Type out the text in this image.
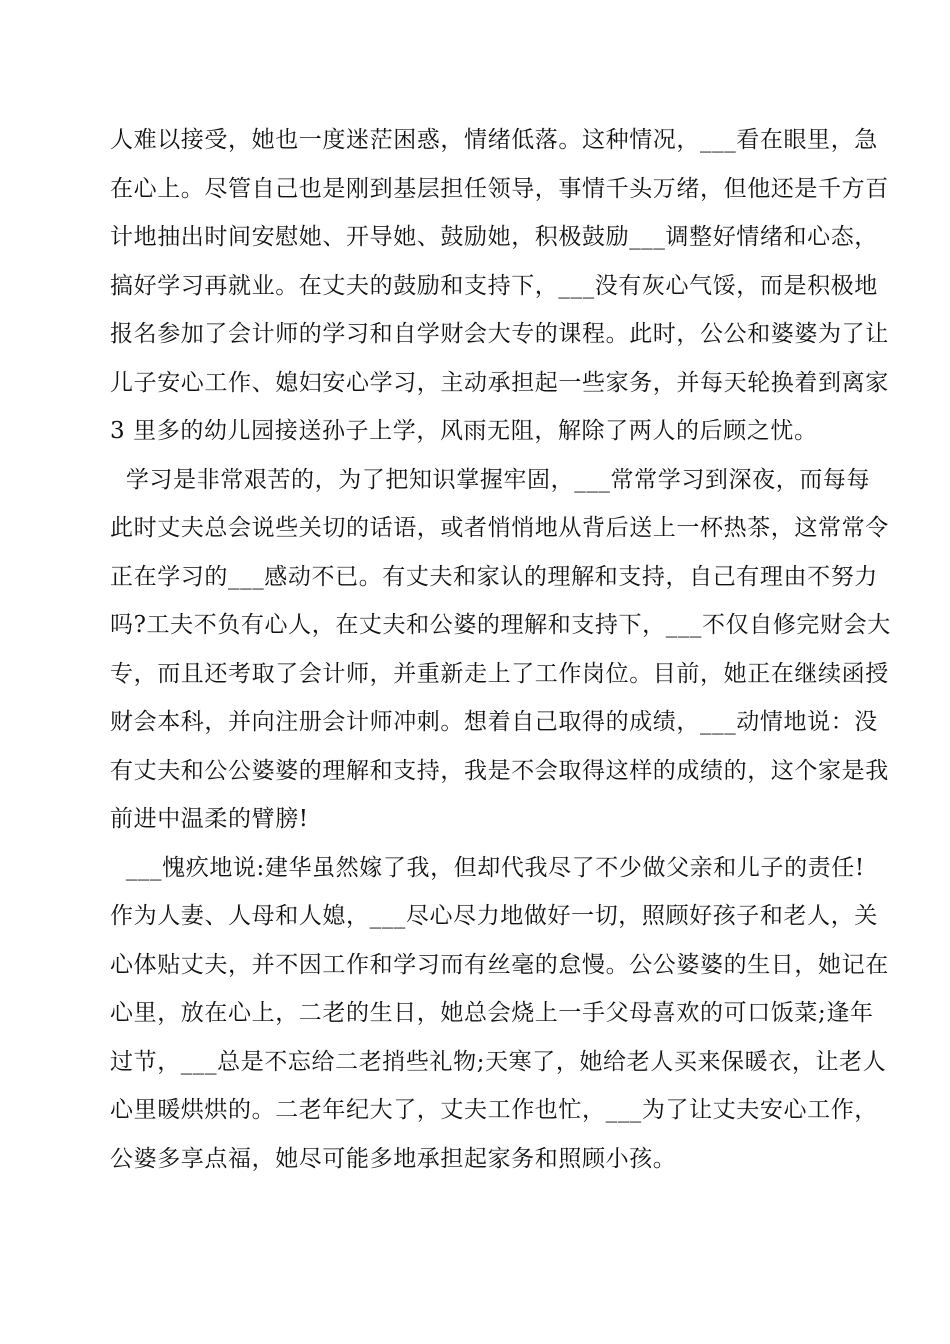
人难以接受，她也一度迷茫困惑，情绪低落。这种情况，___看在眼里，急
在心上。尽管自己也是刚到基层担任领导，事情千头万绪，但他还是千方百
计地抽出时间安慰她、开导她、鼓励她，积极鼓励___调整好情绪和心态，
搞好学习再就业。在丈夫的鼓励和支持下，___没有灰心气馁，而是积极地
报名参加了会计师的学习和自学财会大专的课程。此时，公公和婆婆为了让
儿子安心工作、媳妇安心学习，主动承担起一些家务，并每天轮换着到离家
3 里多的幼儿园接送孙子上学，风雨无阻，解除了两人的后顾之忧。
学习是非常艰苦的，为了把知识掌握牢固，___常常学习到深夜，而每每
此时丈夫总会说些关切的话语，或者悄悄地从背后送上一杯热茶，这常常令
正在学习的___感动不已。有丈夫和家认的理解和支持，自己有理由不努力
吗?工夫不负有心人，在丈夫和公婆的理解和支持下，___不仅自修完财会大
专，而且还考取了会计师，并重新走上了工作岗位。目前，她正在继续函授
财会本科，并向注册会计师冲刺。想着自己取得的成绩，___动情地说：没
有丈夫和公公婆婆的理解和支持，我是不会取得这样的成绩的，这个家是我
前进中温柔的臂膀!
___愧疚地说:建华虽然嫁了我，但却代我尽了不少做父亲和儿子的责任!
作为人妻、人母和人媳，___尽心尽力地做好一切，照顾好孩子和老人，关
心体贴丈夫，并不因工作和学习而有丝毫的怠慢。公公婆婆的生日，她记在
心里，放在心上，二老的生日，她总会烧上一手父母喜欢的可口饭菜;逢年
过节，___总是不忘给二老捎些礼物;天寒了，她给老人买来保暖衣，让老人
心里暖烘烘的。二老年纪大了，丈夫工作也忙，___为了让丈夫安心工作，
公婆多享点福，她尽可能多地承担起家务和照顾小孩。
